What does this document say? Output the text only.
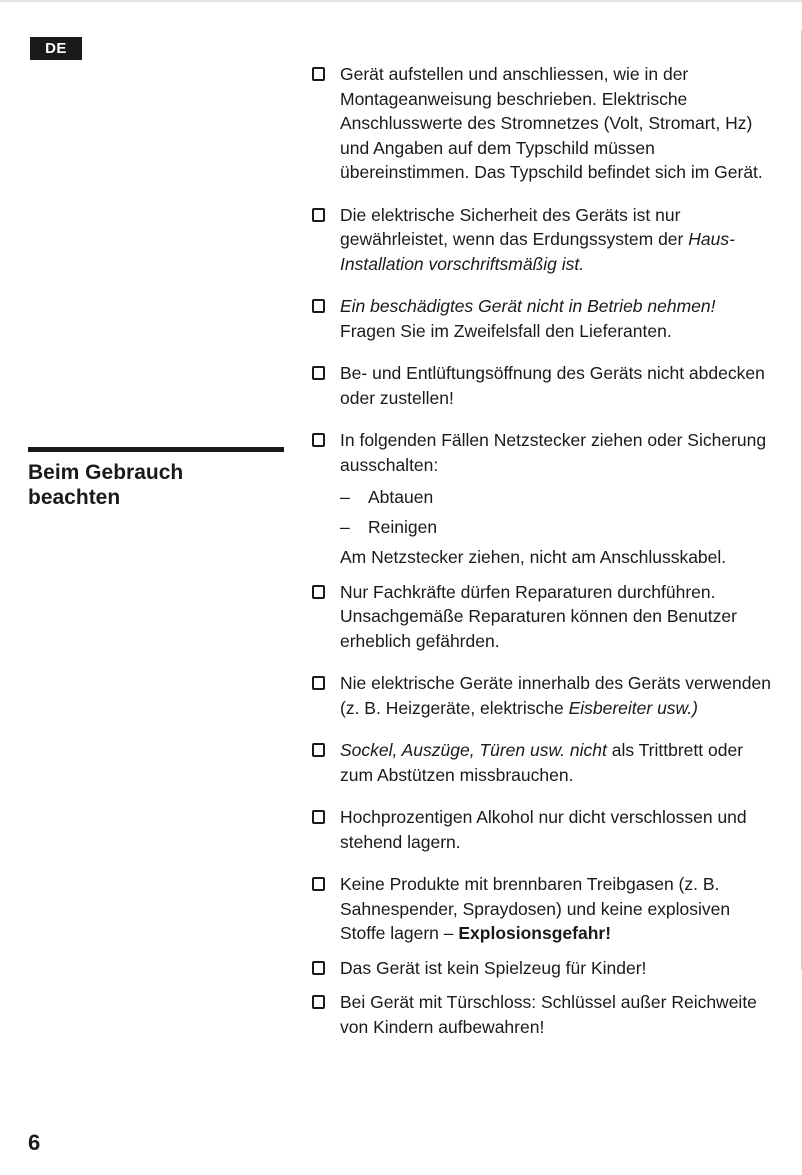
DE
Beim Gebrauch
beachten
Gerät aufstellen und anschliessen, wie in der Montageanweisung beschrieben. Elektrische Anschlusswerte des Stromnetzes (Volt, Stromart, Hz) und Angaben auf dem Typschild müssen übereinstimmen. Das Typschild befindet sich im Gerät.
Die elektrische Sicherheit des Geräts ist nur gewährleistet, wenn das Erdungssystem der Haus-Installation vorschriftsmäßig ist.
Ein beschädigtes Gerät nicht in Betrieb nehmen! Fragen Sie im Zweifelsfall den Lieferanten.
Be- und Entlüftungsöffnung des Geräts nicht abdecken oder zustellen!
In folgenden Fällen Netzstecker ziehen oder Sicherung ausschalten:
– Abtauen
– Reinigen
Am Netzstecker ziehen, nicht am Anschlusskabel.
Nur Fachkräfte dürfen Reparaturen durchführen. Unsachgemäße Reparaturen können den Benutzer erheblich gefährden.
Nie elektrische Geräte innerhalb des Geräts verwenden (z. B. Heizgeräte, elektrische Eisbereiter usw.)
Sockel, Auszüge, Türen usw. nicht als Trittbrett oder zum Abstützen missbrauchen.
Hochprozentigen Alkohol nur dicht verschlossen und stehend lagern.
Keine Produkte mit brennbaren Treibgasen (z. B. Sahnespender, Spraydosen) und keine explosiven Stoffe lagern – Explosionsgefahr!
Das Gerät ist kein Spielzeug für Kinder!
Bei Gerät mit Türschloss: Schlüssel außer Reichweite von Kindern aufbewahren!
6
